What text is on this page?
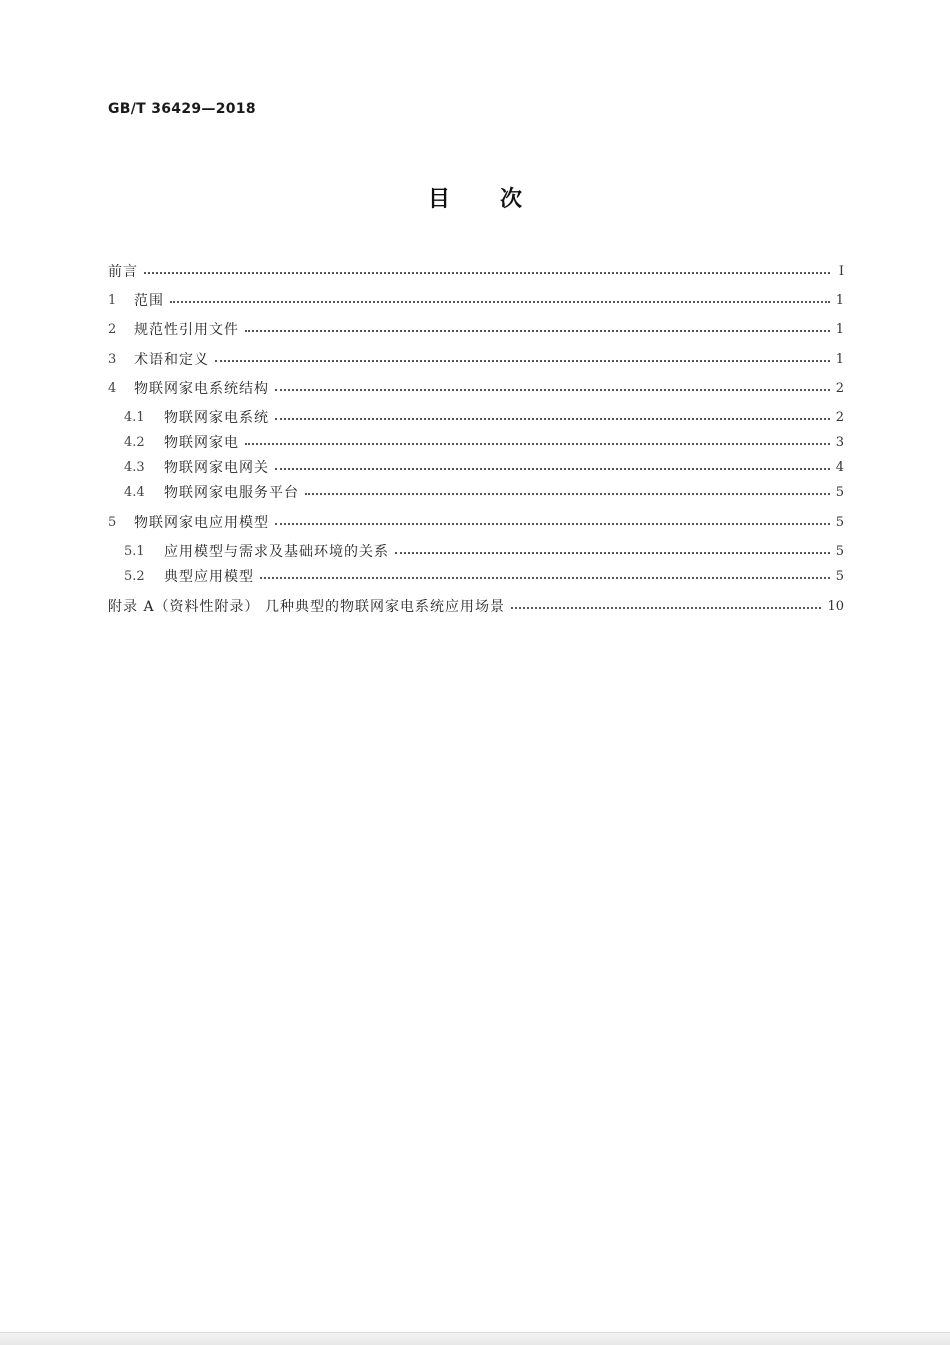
GB/T 36429—2018
目 次
前言	Ⅰ
1	范围	1
2	规范性引用文件	1
3	术语和定义	1
4	物联网家电系统结构	2
4.1	物联网家电系统	2
4.2	物联网家电	3
4.3	物联网家电网关	4
4.4	物联网家电服务平台	5
5	物联网家电应用模型	5
5.1	应用模型与需求及基础环境的关系	5
5.2	典型应用模型	5
附录 A（资料性附录） 几种典型的物联网家电系统应用场景	10
